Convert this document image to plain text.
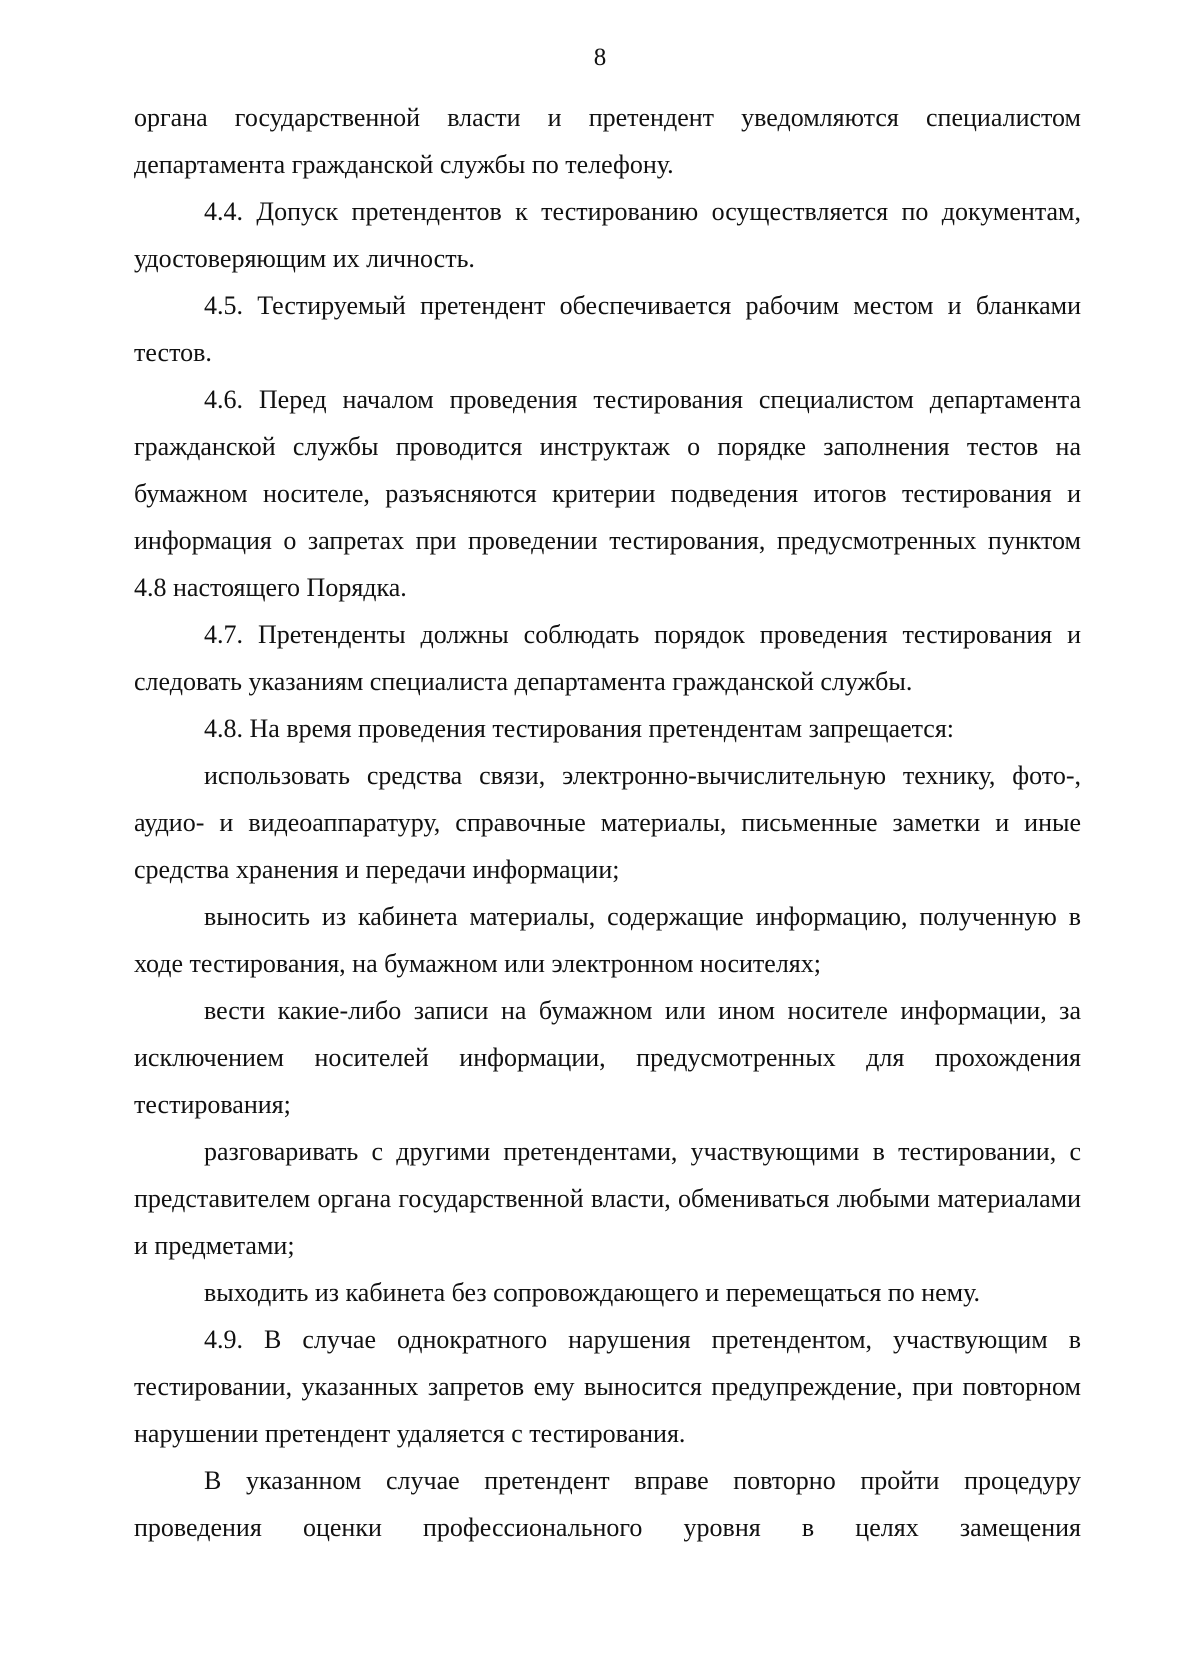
8

органа государственной власти и претендент уведомляются специалистом департамента гражданской службы по телефону.

4.4. Допуск претендентов к тестированию осуществляется по документам, удостоверяющим их личность.

4.5. Тестируемый претендент обеспечивается рабочим местом и бланками тестов.

4.6. Перед началом проведения тестирования специалистом департамента гражданской службы проводится инструктаж о порядке заполнения тестов на бумажном носителе, разъясняются критерии подведения итогов тестирования и информация о запретах при проведении тестирования, предусмотренных пунктом 4.8 настоящего Порядка.

4.7. Претенденты должны соблюдать порядок проведения тестирования и следовать указаниям специалиста департамента гражданской службы.

4.8. На время проведения тестирования претендентам запрещается:

использовать средства связи, электронно-вычислительную технику, фото-, аудио- и видеоаппаратуру, справочные материалы, письменные заметки и иные средства хранения и передачи информации;

выносить из кабинета материалы, содержащие информацию, полученную в ходе тестирования, на бумажном или электронном носителях;

вести какие-либо записи на бумажном или ином носителе информации, за исключением носителей информации, предусмотренных для прохождения тестирования;

разговаривать с другими претендентами, участвующими в тестировании, с представителем органа государственной власти, обмениваться любыми материалами и предметами;

выходить из кабинета без сопровождающего и перемещаться по нему.

4.9. В случае однократного нарушения претендентом, участвующим в тестировании, указанных запретов ему выносится предупреждение, при повторном нарушении претендент удаляется с тестирования.

В указанном случае претендент вправе повторно пройти процедуру проведения оценки профессионального уровня в целях замещения
